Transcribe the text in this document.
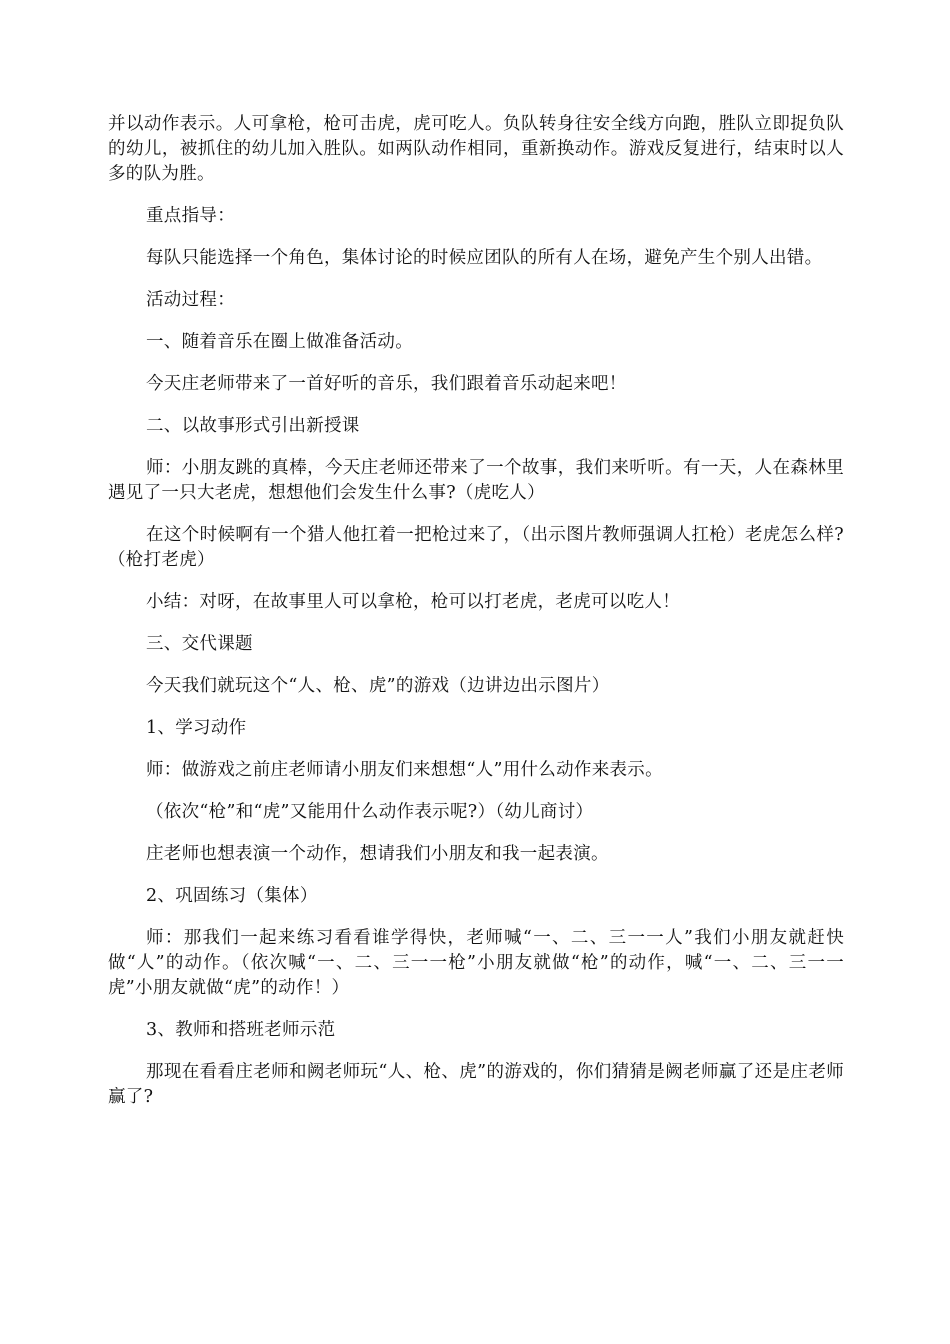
并以动作表示。人可拿枪，枪可击虎，虎可吃人。负队转身往安全线方向跑，胜队立即捉负队的幼儿，被抓住的幼儿加入胜队。如两队动作相同，重新换动作。游戏反复进行，结束时以人多的队为胜。

重点指导：

每队只能选择一个角色，集体讨论的时候应团队的所有人在场，避免产生个别人出错。

活动过程：

一、随着音乐在圈上做准备活动。

今天庄老师带来了一首好听的音乐，我们跟着音乐动起来吧！

二、以故事形式引出新授课

师：小朋友跳的真棒，今天庄老师还带来了一个故事，我们来听听。有一天，人在森林里遇见了一只大老虎，想想他们会发生什么事?（虎吃人）

在这个时候啊有一个猎人他扛着一把枪过来了，（出示图片教师强调人扛枪）老虎怎么样?（枪打老虎）

小结：对呀，在故事里人可以拿枪，枪可以打老虎，老虎可以吃人！

三、交代课题

今天我们就玩这个“人、枪、虎”的游戏（边讲边出示图片）

1、学习动作

师：做游戏之前庄老师请小朋友们来想想“人”用什么动作来表示。

（依次“枪”和“虎”又能用什么动作表示呢?）（幼儿商讨）

庄老师也想表演一个动作，想请我们小朋友和我一起表演。

2、巩固练习（集体）

师：那我们一起来练习看看谁学得快，老师喊“一、二、三一一人”我们小朋友就赶快做“人”的动作。（依次喊“一、二、三一一枪”小朋友就做“枪”的动作，喊“一、二、三一一虎”小朋友就做“虎”的动作！）

3、教师和搭班老师示范

那现在看看庄老师和阙老师玩“人、枪、虎”的游戏的，你们猜猜是阙老师赢了还是庄老师赢了?
